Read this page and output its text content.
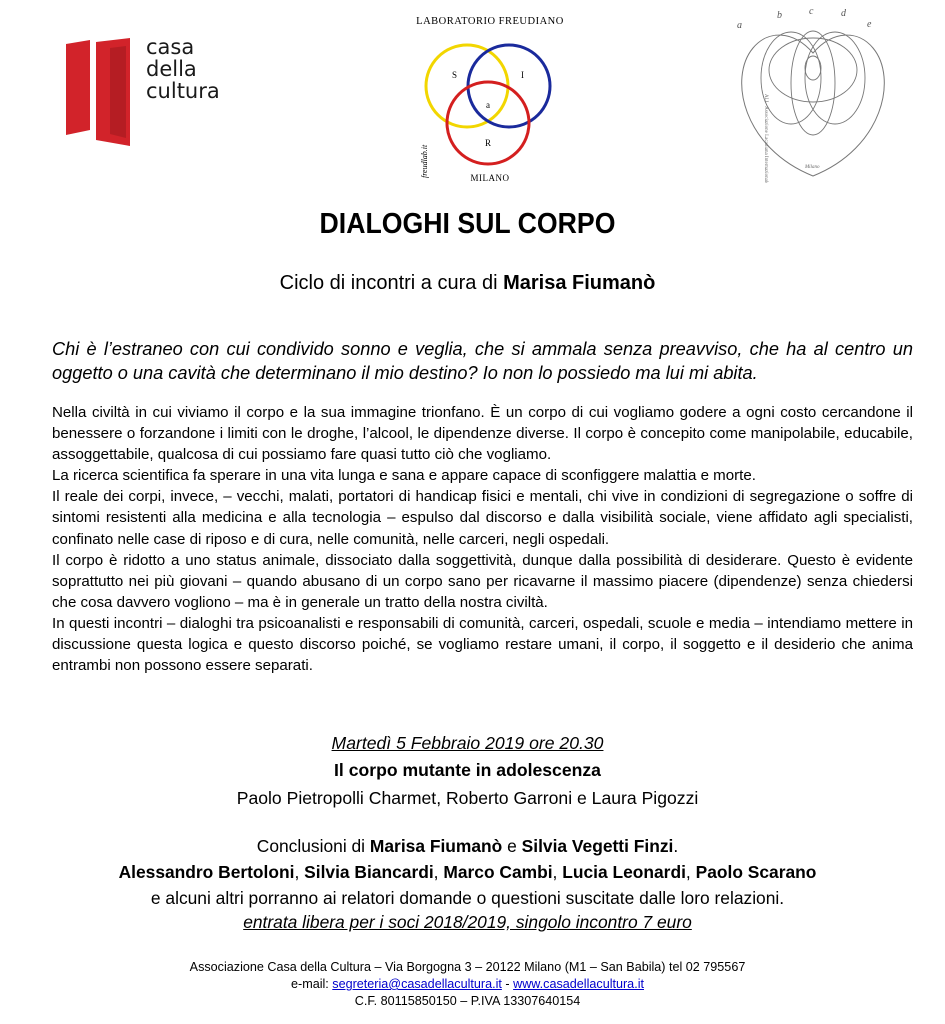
casa
della
cultura
LABORATORIO FREUDIANO
S	I
a
R
freudlab.it	MILANO
a
b	c	d
e
ALI - Associazione Lacaniana Internazionale in Italia	Milano
DIALOGHI SUL CORPO
Ciclo di incontri a cura di Marisa Fiumanò
Chi è l’estraneo con cui condivido sonno e veglia, che si ammala senza preavviso, che ha al centro un oggetto o una cavità che determinano il mio destino? Io non lo possiedo ma lui mi abita.

Nella civiltà in cui viviamo il corpo e la sua immagine trionfano. È un corpo di cui vogliamo godere a ogni costo cercandone il benessere o forzandone i limiti con le droghe, l’alcool, le dipendenze diverse. Il corpo è concepito come manipolabile, educabile, assoggettabile, qualcosa di cui possiamo fare quasi tutto ciò che vogliamo.

La ricerca scientifica fa sperare in una vita lunga e sana e appare capace di sconfiggere malattia e morte.

Il reale dei corpi, invece, – vecchi, malati, portatori di handicap fisici e mentali, chi vive in condizioni di segregazione o soffre di sintomi resistenti alla medicina e alla tecnologia – espulso dal discorso e dalla visibilità sociale, viene affidato agli specialisti, confinato nelle case di riposo e di cura, nelle comunità, nelle carceri, negli ospedali.

Il corpo è ridotto a uno status animale, dissociato dalla soggettività, dunque dalla possibilità di desiderare. Questo è evidente soprattutto nei più giovani – quando abusano di un corpo sano per ricavarne il massimo piacere (dipendenze) senza chiedersi che cosa davvero vogliono – ma è in generale un tratto della nostra civiltà.

In questi incontri – dialoghi tra psicoanalisti e responsabili di comunità, carceri, ospedali, scuole e media – intendiamo mettere in discussione questa logica e questo discorso poiché, se vogliamo restare umani, il corpo, il soggetto e il desiderio che anima entrambi non possono essere separati.

Martedì 5 Febbraio 2019 ore 20.30
Il corpo mutante in adolescenza
Paolo Pietropolli Charmet, Roberto Garroni e Laura Pigozzi
Conclusioni di Marisa Fiumanò e Silvia Vegetti Finzi.
Alessandro Bertoloni, Silvia Biancardi, Marco Cambi, Lucia Leonardi, Paolo Scarano
e alcuni altri porranno ai relatori domande o questioni suscitate dalle loro relazioni.
entrata libera per i soci 2018/2019, singolo incontro 7 euro
Associazione Casa della Cultura – Via Borgogna 3 – 20122 Milano (M1 – San Babila) tel 02 795567
e-mail: segreteria@casadellacultura.it - www.casadellacultura.it
C.F. 80115850150 – P.IVA 13307640154
